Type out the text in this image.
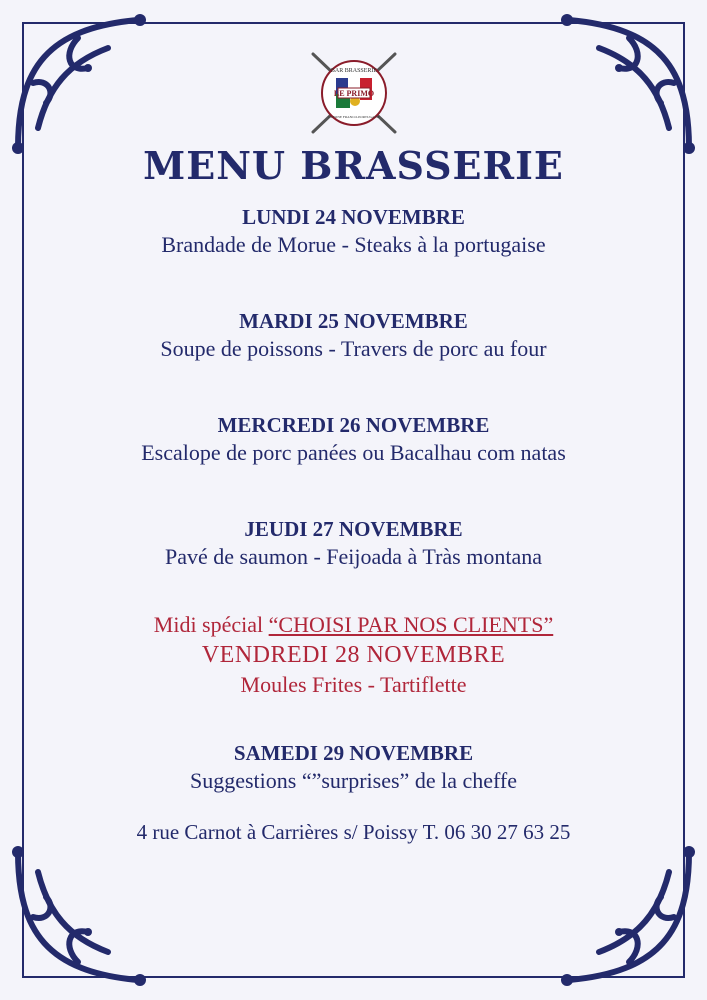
LE PRIMO
BAR BRASSERIE
CUISINE FRANCO-PORTUGAISE
MENU BRASSERIE

LUNDI 24 NOVEMBRE

Brandade de Morue - Steaks à la portugaise

MARDI 25 NOVEMBRE

Soupe de poissons - Travers de porc au four

MERCREDI 26 NOVEMBRE

Escalope de porc panées ou Bacalhau com natas

JEUDI 27 NOVEMBRE

Pavé de saumon - Feijoada à Tràs montana

Midi spécial “CHOISI PAR NOS CLIENTS”

VENDREDI 28 NOVEMBRE

Moules Frites - Tartiflette

SAMEDI 29 NOVEMBRE

Suggestions “”surprises” de la cheffe

4 rue Carnot à Carrières s/ Poissy T. 06 30 27 63 25
